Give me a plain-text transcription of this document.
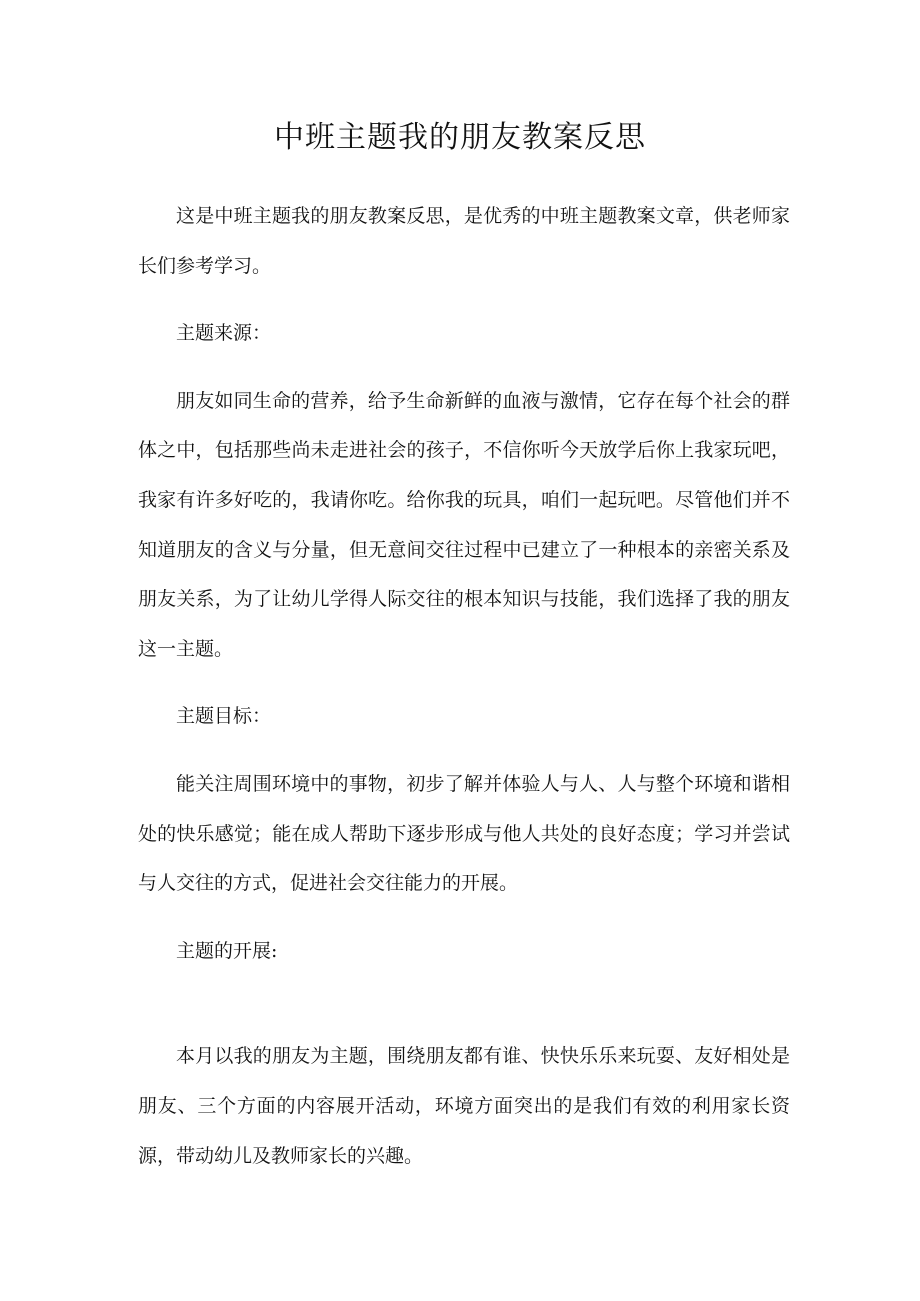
中班主题我的朋友教案反思

这是中班主题我的朋友教案反思，是优秀的中班主题教案文章，供老师家长们参考学习。

主题来源：

朋友如同生命的营养，给予生命新鲜的血液与激情，它存在每个社会的群体之中，包括那些尚未走进社会的孩子，不信你听今天放学后你上我家玩吧，我家有许多好吃的，我请你吃。给你我的玩具，咱们一起玩吧。尽管他们并不知道朋友的含义与分量，但无意间交往过程中已建立了一种根本的亲密关系及朋友关系，为了让幼儿学得人际交往的根本知识与技能，我们选择了我的朋友这一主题。

主题目标：

能关注周围环境中的事物，初步了解并体验人与人、人与整个环境和谐相处的快乐感觉；能在成人帮助下逐步形成与他人共处的良好态度；学习并尝试与人交往的方式，促进社会交往能力的开展。

主题的开展:

本月以我的朋友为主题，围绕朋友都有谁、快快乐乐来玩耍、友好相处是朋友、三个方面的内容展开活动，环境方面突出的是我们有效的利用家长资源，带动幼儿及教师家长的兴趣。
